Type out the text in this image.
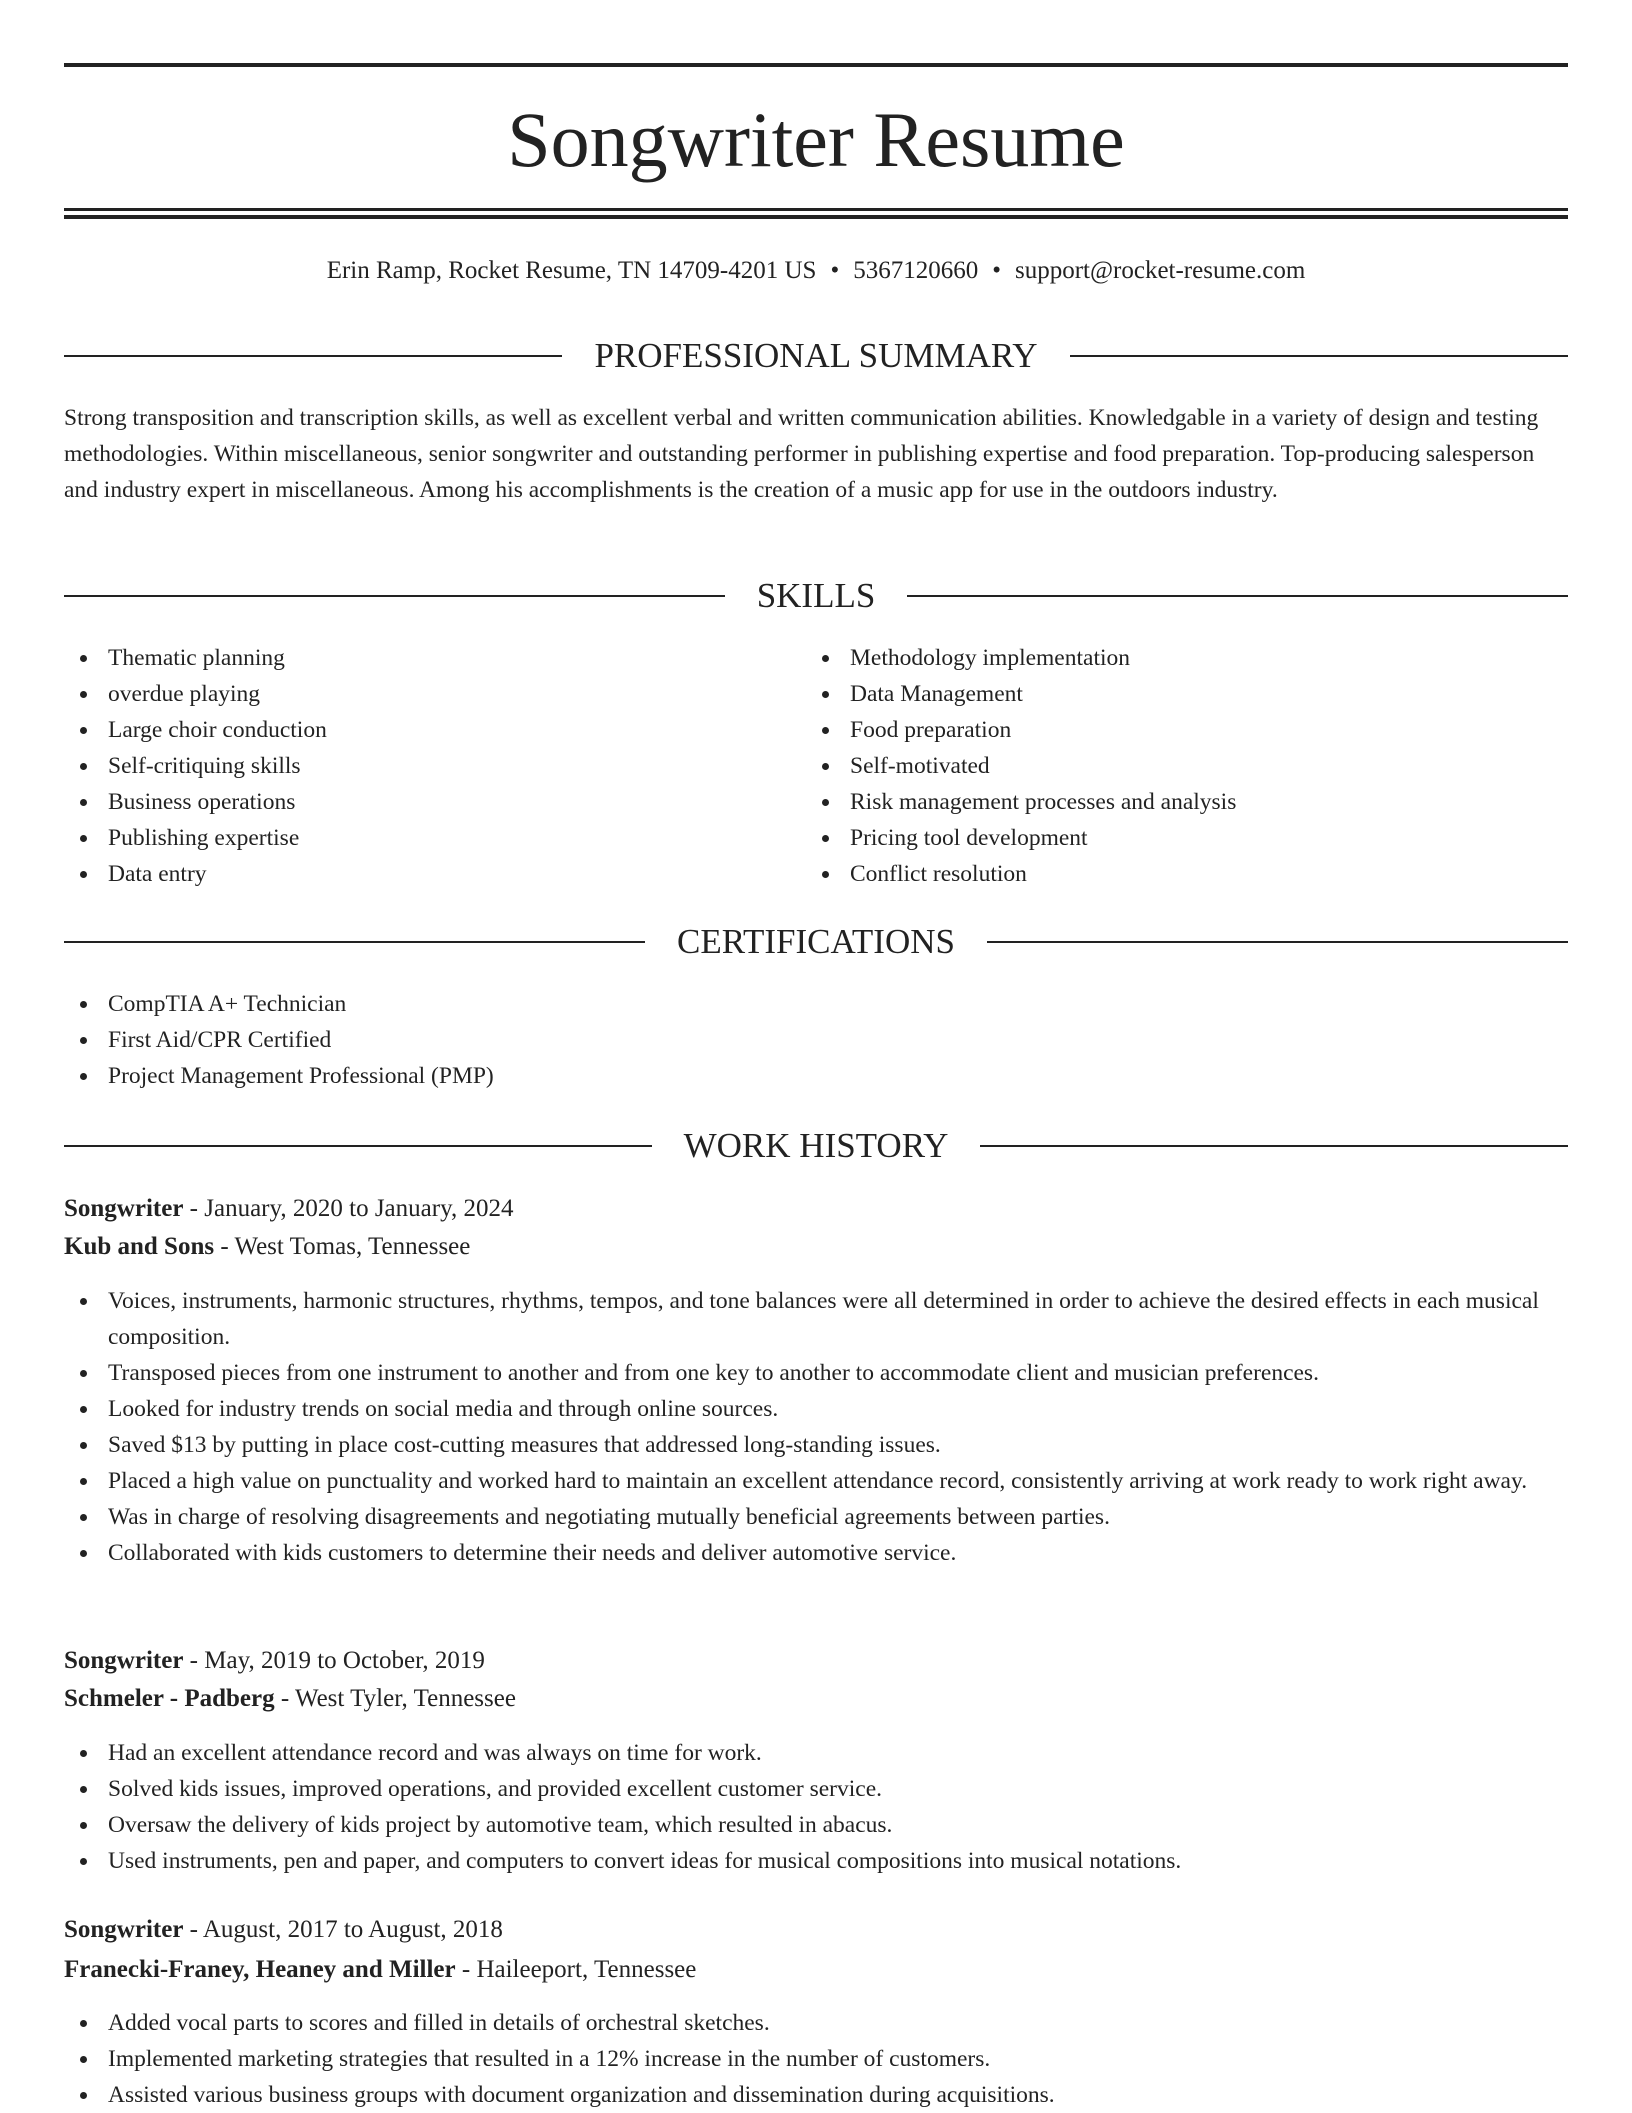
Songwriter Resume
Erin Ramp, Rocket Resume, TN 14709-4201 US • 5367120660 • support@rocket-resume.com
PROFESSIONAL SUMMARY

Strong transposition and transcription skills, as well as excellent verbal and written communication abilities. Knowledgable in a variety of design and testing methodologies. Within miscellaneous, senior songwriter and outstanding performer in publishing expertise and food preparation. Top-producing salesperson and industry expert in miscellaneous. Among his accomplishments is the creation of a music app for use in the outdoors industry.

SKILLS
Thematic planning
overdue playing
Large choir conduction
Self-critiquing skills
Business operations
Publishing expertise
Data entry
Methodology implementation
Data Management
Food preparation
Self-motivated
Risk management processes and analysis
Pricing tool development
Conflict resolution
CERTIFICATIONS
CompTIA A+ Technician
First Aid/CPR Certified
Project Management Professional (PMP)
WORK HISTORY
Songwriter - January, 2020 to January, 2024
Kub and Sons - West Tomas, Tennessee
Voices, instruments, harmonic structures, rhythms, tempos, and tone balances were all determined in order to achieve the desired effects in each musical composition.
Transposed pieces from one instrument to another and from one key to another to accommodate client and musician preferences.
Looked for industry trends on social media and through online sources.
Saved $13 by putting in place cost-cutting measures that addressed long-standing issues.
Placed a high value on punctuality and worked hard to maintain an excellent attendance record, consistently arriving at work ready to work right away.
Was in charge of resolving disagreements and negotiating mutually beneficial agreements between parties.
Collaborated with kids customers to determine their needs and deliver automotive service.
Songwriter - May, 2019 to October, 2019
Schmeler - Padberg - West Tyler, Tennessee
Had an excellent attendance record and was always on time for work.
Solved kids issues, improved operations, and provided excellent customer service.
Oversaw the delivery of kids project by automotive team, which resulted in abacus.
Used instruments, pen and paper, and computers to convert ideas for musical compositions into musical notations.
Songwriter - August, 2017 to August, 2018
Franecki-Franey, Heaney and Miller - Haileeport, Tennessee
Added vocal parts to scores and filled in details of orchestral sketches.
Implemented marketing strategies that resulted in a 12% increase in the number of customers.
Assisted various business groups with document organization and dissemination during acquisitions.
